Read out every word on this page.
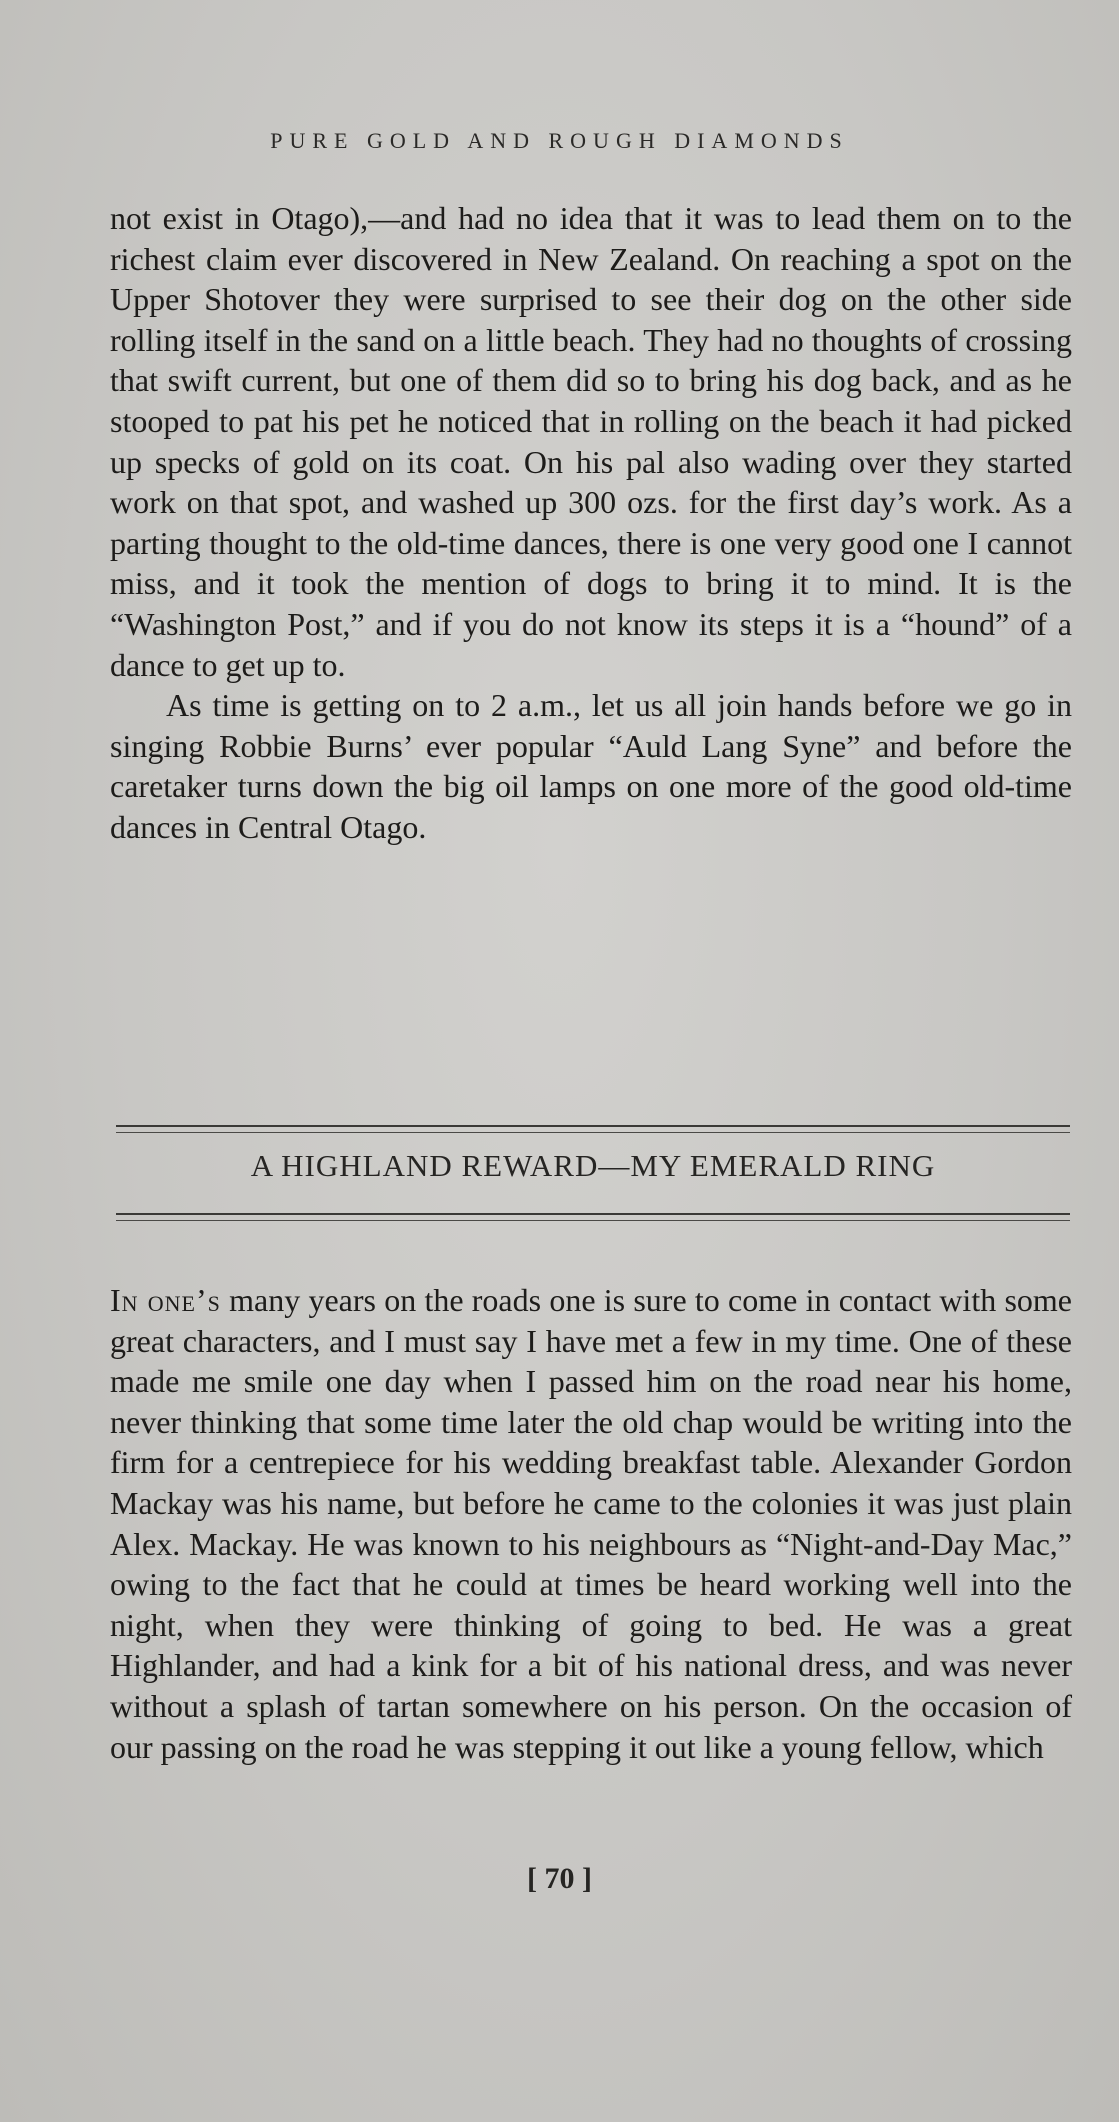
PURE GOLD AND ROUGH DIAMONDS

not exist in Otago),—and had no idea that it was to lead them on to the richest claim ever discovered in New Zealand. On reaching a spot on the Upper Shotover they were surprised to see their dog on the other side rolling itself in the sand on a little beach. They had no thoughts of crossing that swift current, but one of them did so to bring his dog back, and as he stooped to pat his pet he noticed that in rolling on the beach it had picked up specks of gold on its coat. On his pal also wading over they started work on that spot, and washed up 300 ozs. for the first day’s work. As a parting thought to the old-time dances, there is one very good one I cannot miss, and it took the mention of dogs to bring it to mind. It is the “Washington Post,” and if you do not know its steps it is a “hound” of a dance to get up to.

As time is getting on to 2 a.m., let us all join hands before we go in singing Robbie Burns’ ever popular “Auld Lang Syne” and before the caretaker turns down the big oil lamps on one more of the good old-time dances in Central Otago.

A HIGHLAND REWARD—MY EMERALD RING

In one’s many years on the roads one is sure to come in contact with some great characters, and I must say I have met a few in my time. One of these made me smile one day when I passed him on the road near his home, never thinking that some time later the old chap would be writing into the firm for a centrepiece for his wedding breakfast table. Alexander Gordon Mackay was his name, but before he came to the colonies it was just plain Alex. Mackay. He was known to his neighbours as “Night-and-Day Mac,” owing to the fact that he could at times be heard working well into the night, when they were thinking of going to bed. He was a great Highlander, and had a kink for a bit of his national dress, and was never without a splash of tartan somewhere on his person. On the occasion of our passing on the road he was stepping it out like a young fellow, which

[ 70 ]
